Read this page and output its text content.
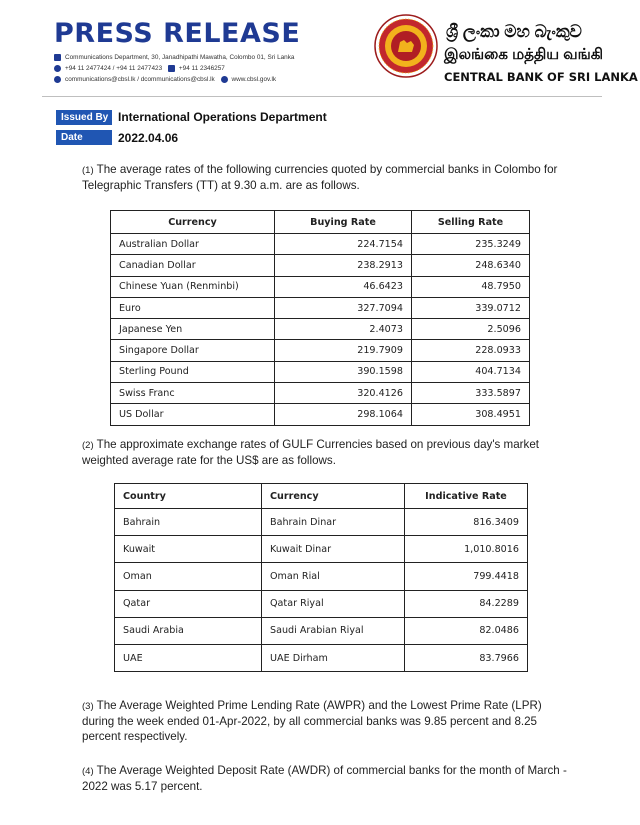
PRESS RELEASE
Communications Department, 30, Janadhipathi Mawatha, Colombo 01, Sri Lanka
+94 11 2477424 / +94 11 2477423	+94 11 2346257
communications@cbsl.lk / dcommunications@cbsl.lk	www.cbsl.gov.lk
ශ්‍රී ලංකා මහ බැංකුව
இலங்கை மத்திய வங்கி
CENTRAL BANK OF SRI LANKA
Issued By International Operations Department
Date	2022.04.06
(1) The average rates of the following currencies quoted by commercial banks in Colombo for Telegraphic Transfers (TT) at 9.30 a.m. are as follows.
Currency	Buying Rate	Selling Rate
Australian Dollar	224.7154	235.3249
Canadian Dollar	238.2913	248.6340
Chinese Yuan (Renminbi)	46.6423	48.7950
Euro	327.7094	339.0712
Japanese Yen	2.4073	2.5096
Singapore Dollar	219.7909	228.0933
Sterling Pound	390.1598	404.7134
Swiss Franc	320.4126	333.5897
US Dollar	298.1064	308.4951
(2) The approximate exchange rates of GULF Currencies based on previous day's market weighted average rate for the US$ are as follows.
Country	Currency	Indicative Rate
Bahrain	Bahrain Dinar	816.3409
Kuwait	Kuwait Dinar	1,010.8016
Oman	Oman Rial	799.4418
Qatar	Qatar Riyal	84.2289
Saudi Arabia	Saudi Arabian Riyal	82.0486
UAE	UAE Dirham	83.7966
(3) The Average Weighted Prime Lending Rate (AWPR) and the Lowest Prime Rate (LPR) during the week ended 01-Apr-2022, by all commercial banks was 9.85 percent and 8.25 percent respectively.
(4) The Average Weighted Deposit Rate (AWDR) of commercial banks for the month of March - 2022 was 5.17 percent.
